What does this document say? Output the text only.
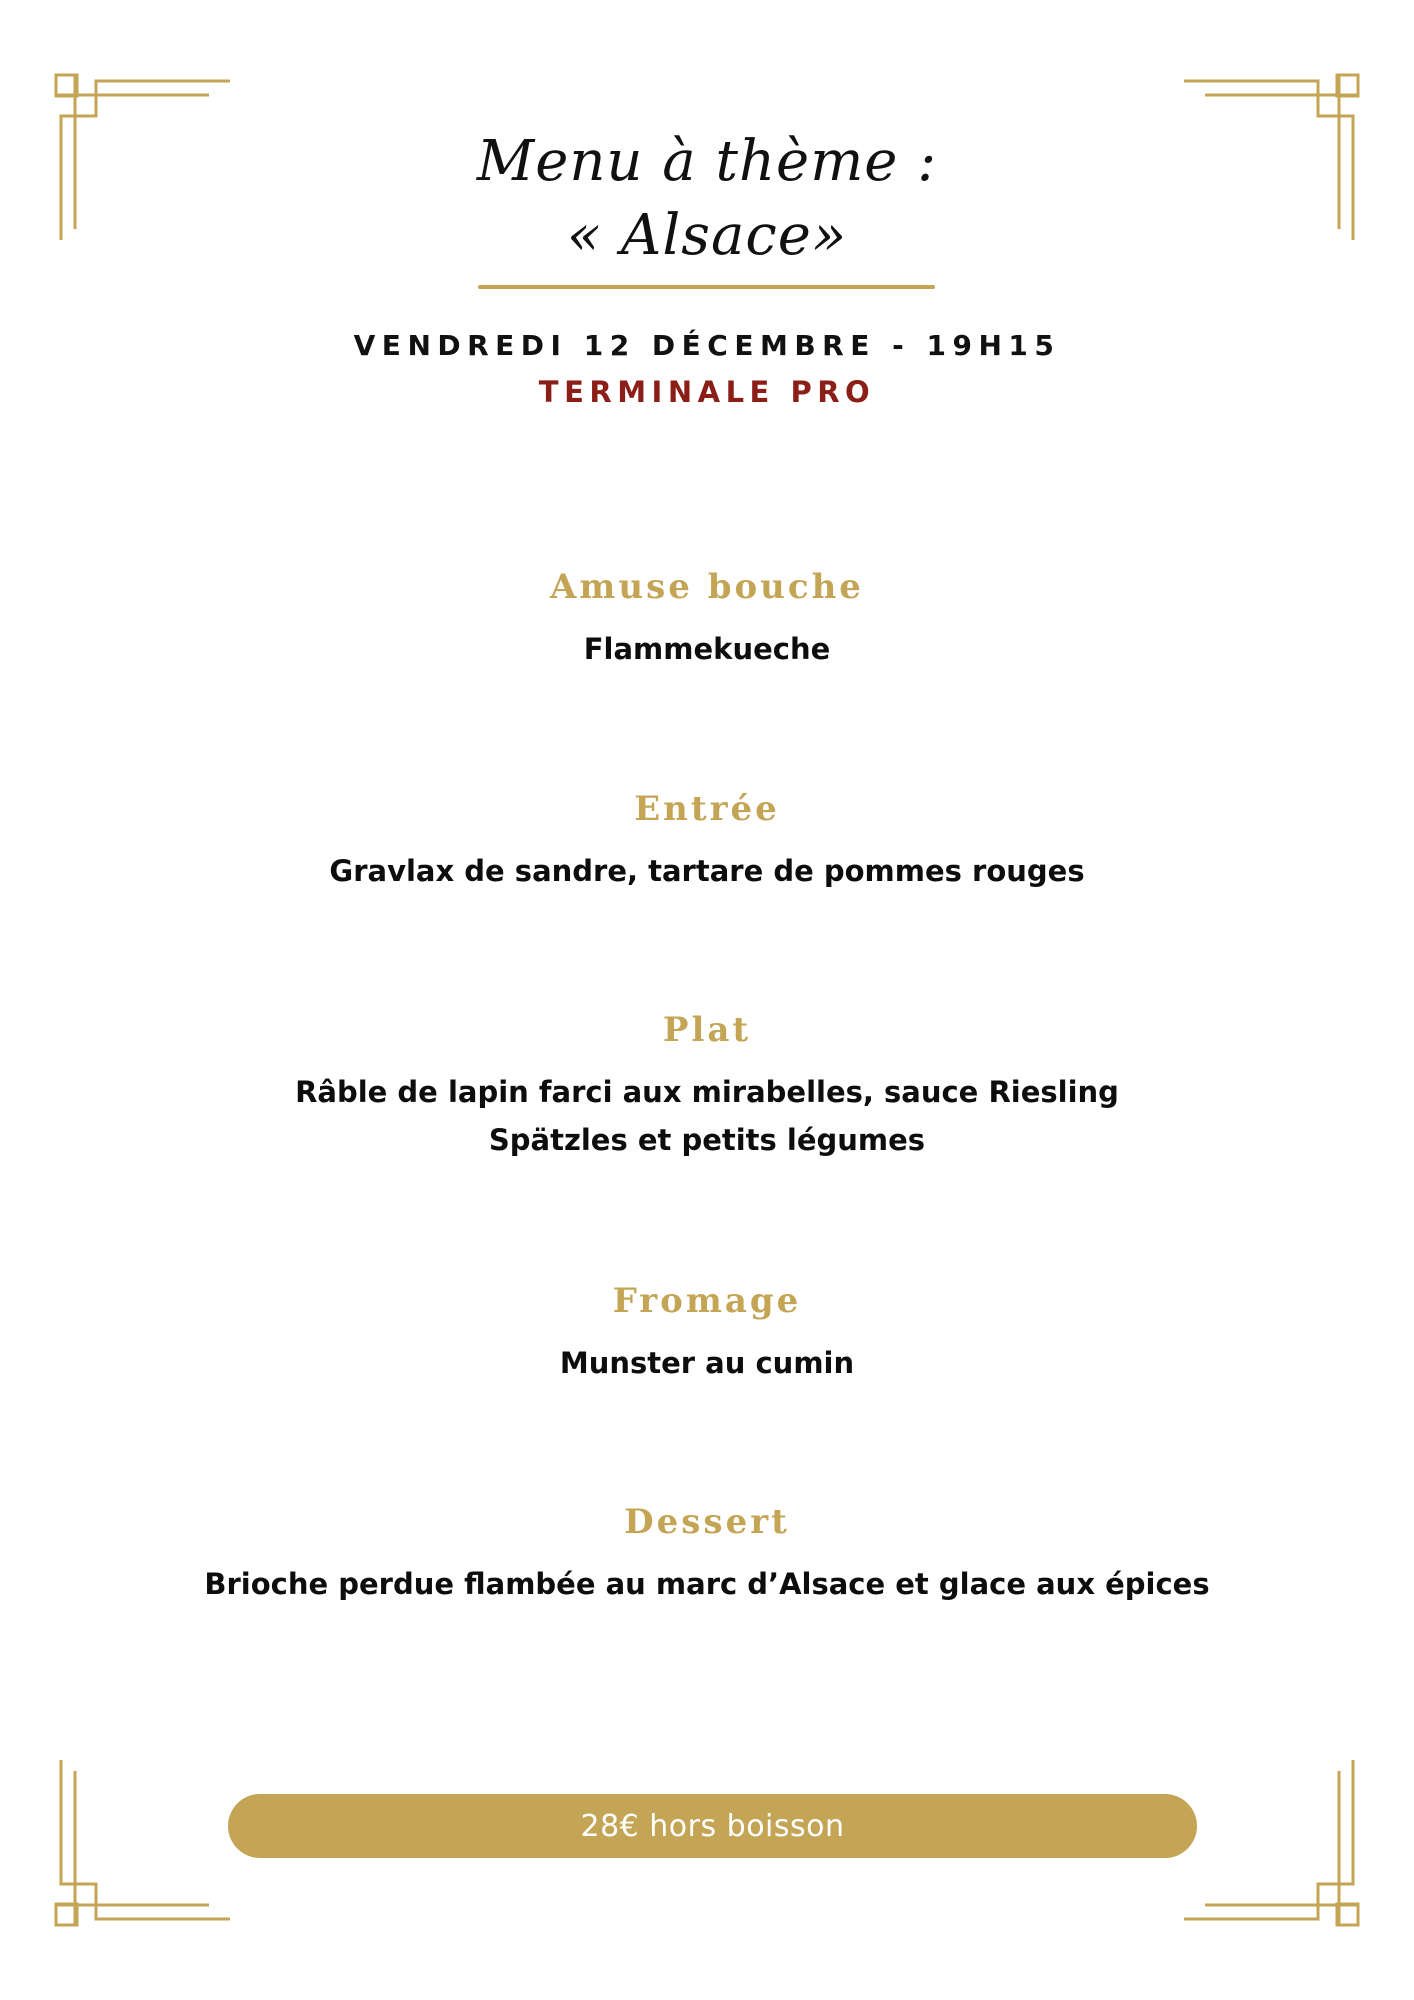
Menu à thème :
« Alsace»
VENDREDI 12 DÉCEMBRE - 19H15
TERMINALE PRO
Amuse bouche

Flammekueche

Entrée

Gravlax de sandre, tartare de pommes rouges

Plat

Râble de lapin farci aux mirabelles, sauce Riesling

Spätzles et petits légumes

Fromage

Munster au cumin

Dessert

Brioche perdue flambée au marc d’Alsace et glace aux épices

28€ hors boisson
